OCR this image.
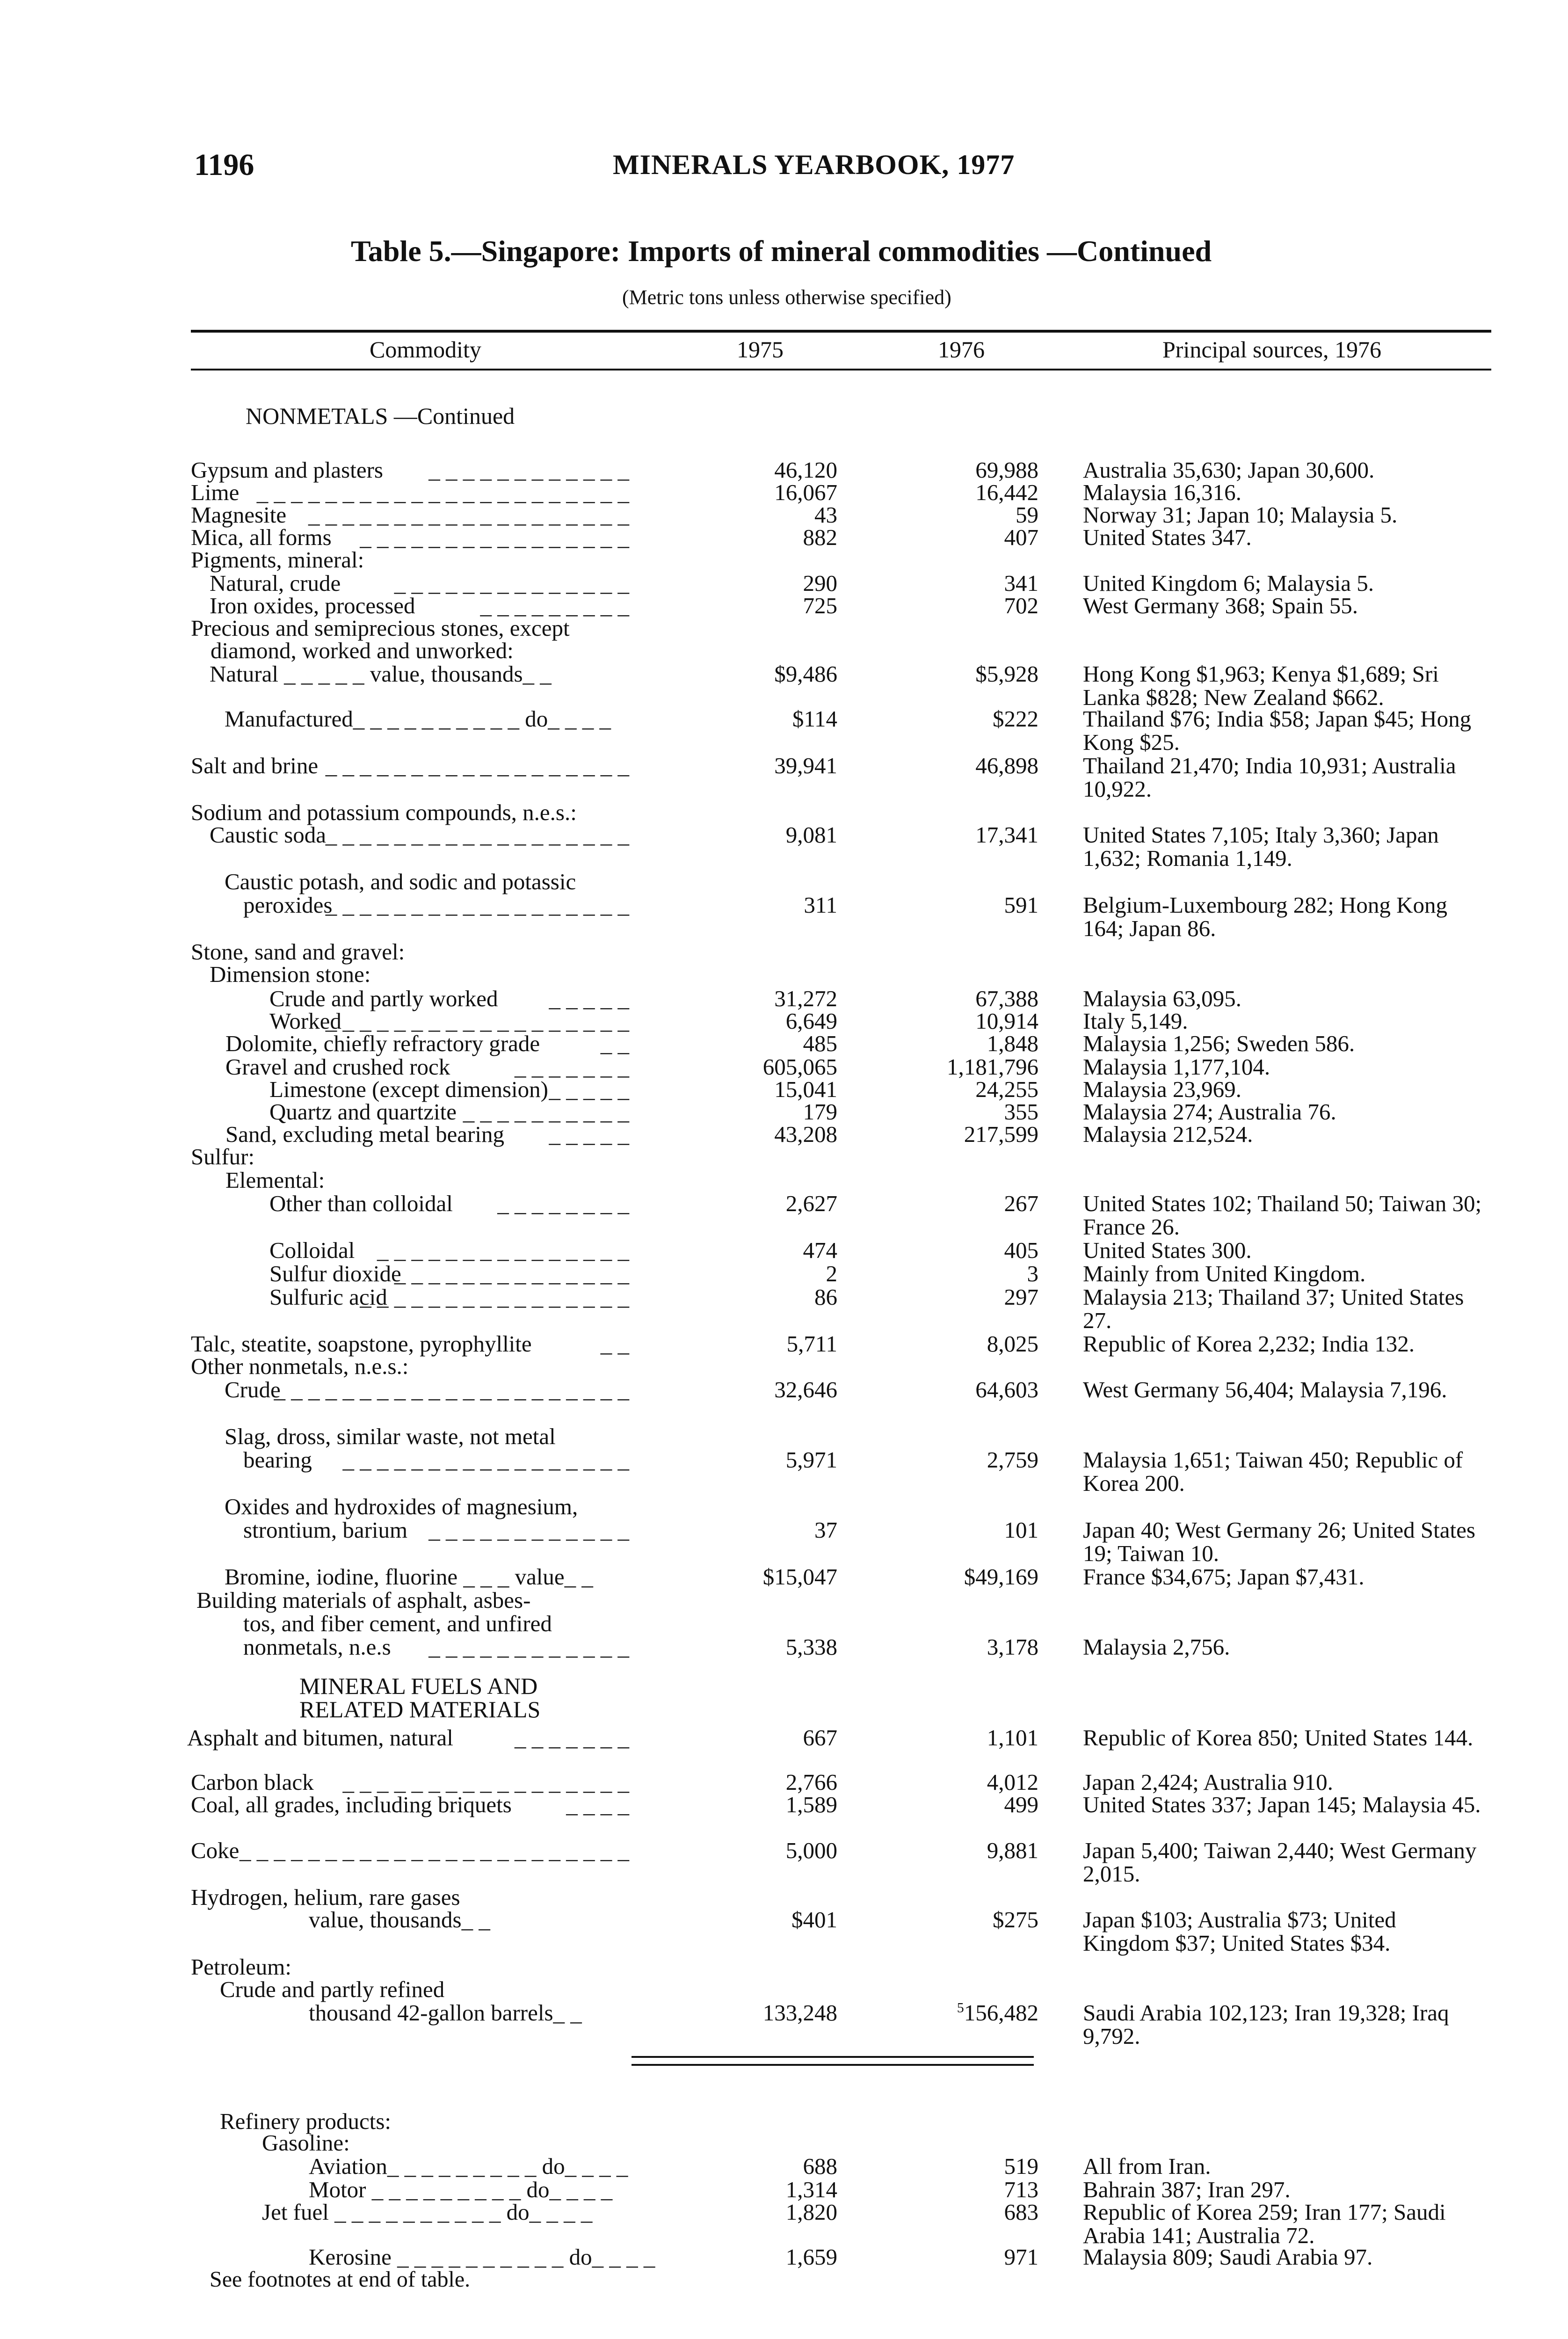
1196	MINERALS YEARBOOK, 1977
Table 5.—Singapore: Imports of mineral commodities —Continued
(Metric tons unless otherwise specified)
Commodity	1975	1976	Principal sources, 1976
NONMETALS —Continued
MINERAL FUELS AND
RELATED MATERIALS
Gypsum and plasters _ _ _ _ _ _ _ _ _ _ _ _	46,120	69,988 Australia 35,630; Japan 30,600.
Lime _ _ _ _ _ _ _ _ _ _ _ _ _ _ _ _ _ _ _ _ _ _	16,067	16,442 Malaysia 16,316.
Magnesite _ _ _ _ _ _ _ _ _ _ _ _ _ _ _ _ _ _ _	43	59 Norway 31; Japan 10; Malaysia 5.
Mica, all forms _ _ _ _ _ _ _ _ _ _ _ _ _ _ _ _	882	407 United States 347.
Pigments, mineral:
Natural, crude _ _ _ _ _ _ _ _ _ _ _ _ _ _	290	341 United Kingdom 6; Malaysia 5.
Iron oxides, processed	_ _ _ _ _ _ _ _ _	725	702 West Germany 368; Spain 55.
Precious and semiprecious stones, except
diamond, worked and unworked:
Natural _ _ _ _ _ value, thousands_ _	$9,486	$5,928 Hong Kong $1,963; Kenya $1,689; Sri Lanka $828; New Zealand $662.
Manufactured_ _ _ _ _ _ _ _ _ _ do_ _ _ _	$114	$222 Thailand $76; India $58; Japan $45; Hong Kong $25.
Salt and brine _ _ _ _ _ _ _ _ _ _ _ _ _ _ _ _ _ _	39,941	46,898 Thailand 21,470; India 10,931; Australia 10,922.
Sodium and potassium compounds, n.e.s.:
Caustic soda
_ _ _ _ _ _ _ _ _ _ _ _ _ _ _ _ _ _	9,081	17,341 United States 7,105; Italy 3,360; Japan 1,632; Romania 1,149.
Caustic potash, and sodic and potassic
peroxides
_ _ _ _ _ _ _ _ _ _ _ _ _ _ _ _ _ _	311	591 Belgium-Luxembourg 282; Hong Kong 164; Japan 86.
Stone, sand and gravel:
Dimension stone:
Crude and partly worked _ _ _ _ _	31,272	67,388 Malaysia 63,095.
Worked
_ _ _ _ _ _ _ _ _ _ _ _ _ _ _ _ _ _	6,649	10,914 Italy 5,149.
Dolomite, chiefly refractory grade	_ _	485	1,848 Malaysia 1,256; Sweden 586.
Gravel and crushed rock	_ _ _ _ _ _ _	605,065	1,181,796 Malaysia 1,177,104.
Limestone (except dimension) _ _ _ _ _	15,041	24,255 Malaysia 23,969.
Quartz and quartzite _ _ _ _ _ _ _ _ _ _	179	355 Malaysia 274; Australia 76.
Sand, excluding metal bearing _ _ _ _ _	43,208	217,599 Malaysia 212,524.
Sulfur:
Elemental:
Other than colloidal _ _ _ _ _ _ _ _	2,627	267 United States 102; Thailand 50; Taiwan 30; France 26.
Colloidal _ _ _ _ _ _ _ _ _ _ _ _ _ _ _	474	405 United States 300.
Sulfur dioxide
_ _ _ _ _ _ _ _ _ _ _ _ _ _	2	3 Mainly from United Kingdom.
Sulfuric acid
_ _ _ _ _ _ _ _ _ _ _ _ _ _ _ _	86	297 Malaysia 213; Thailand 37; United States 27.
Talc, steatite, soapstone, pyrophyllite	_ _	5,711	8,025 Republic of Korea 2,232; India 132.
Other nonmetals, n.e.s.:
Crude
_ _ _ _ _ _ _ _ _ _ _ _ _ _ _ _ _ _ _ _ _	32,646	64,603 West Germany 56,404; Malaysia 7,196.
Slag, dross, similar waste, not metal
bearing _ _ _ _ _ _ _ _ _ _ _ _ _ _ _ _ _	5,971	2,759 Malaysia 1,651; Taiwan 450; Republic of Korea 200.
Oxides and hydroxides of magnesium,
strontium, barium _ _ _ _ _ _ _ _ _ _ _ _	37	101 Japan 40; West Germany 26; United States 19; Taiwan 10.
Bromine, iodine, fluorine _ _ _ value_ _	$15,047	$49,169 France $34,675; Japan $7,431.
Building materials of asphalt, asbes-
tos, and fiber cement, and unfired
nonmetals, n.e.s _ _ _ _ _ _ _ _ _ _ _ _	5,338	3,178 Malaysia 2,756.
Asphalt and bitumen, natural	_ _ _ _ _ _ _	667	1,101 Republic of Korea 850; United States 144.
Carbon black _ _ _ _ _ _ _ _ _ _ _ _ _ _ _ _ _	2,766	4,012 Japan 2,424; Australia 910.
Coal, all grades, including briquets _ _ _ _	1,589	499 United States 337; Japan 145; Malaysia 45.
Coke _ _ _ _ _ _ _ _ _ _ _ _ _ _ _ _ _ _ _ _ _ _ _	5,000	9,881 Japan 5,400; Taiwan 2,440; West Germany 2,015.
Hydrogen, helium, rare gases
value, thousands_ _	$401	$275 Japan $103; Australia $73; United Kingdom $37; United States $34.
Petroleum:
Crude and partly refined
thousand 42-gallon barrels_ _	133,248	$^5$156,482 Saudi Arabia 102,123; Iran 19,328; Iraq 9,792.
Refinery products:
Gasoline:
Aviation_ _ _ _ _ _ _ _ _ do_ _ _ _	688	519 All from Iran.
Motor _ _ _ _ _ _ _ _ _ do_ _ _ _	1,314	713 Bahrain 387; Iran 297.
Jet fuel _ _ _ _ _ _ _ _ _ _ do_ _ _ _	1,820	683 Republic of Korea 259; Iran 177; Saudi Arabia 141; Australia 72.
Kerosine _ _ _ _ _ _ _ _ _ _ do_ _ _ _	1,659	971 Malaysia 809; Saudi Arabia 97.
See footnotes at end of table.
